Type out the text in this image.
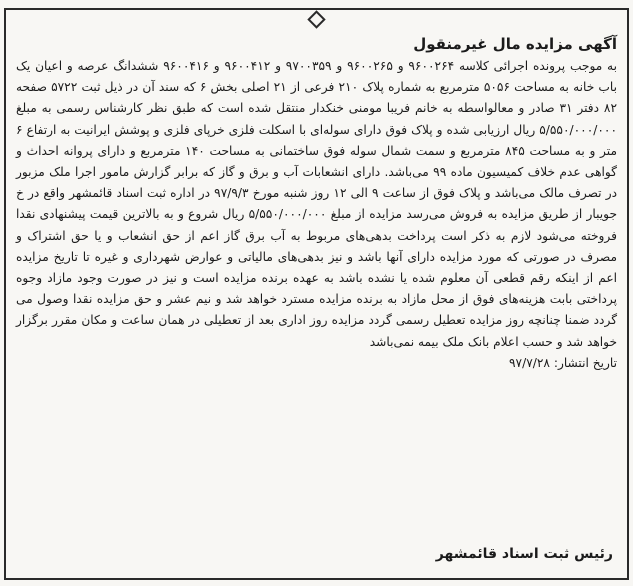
آگهی مزایده مال غیرمنقول

به موجب پرونده اجرائی کلاسه ۹۶۰۰۲۶۴ و ۹۶۰۰۲۶۵ و ۹۷۰۰۳۵۹ و ۹۶۰۰۴۱۲ و ۹۶۰۰۴۱۶ ششدانگ عرصه و اعیان یک باب خانه به مساحت ۵۰۵۶ مترمربع به شماره پلاک ۲۱۰ فرعی از ۲۱ اصلی بخش ۶ که سند آن در ذیل ثبت ۵۷۲۲ صفحه ۸۲ دفتر ۳۱ صادر و معالواسطه به خانم فریبا مومنی خنکدار منتقل شده است که طبق نظر کارشناس رسمی به مبلغ ۵/۵۵۰/۰۰۰/۰۰۰ ریال ارزیابی شده و پلاک فوق دارای سوله‌ای با اسکلت فلزی خرپای فلزی و پوشش ایرانیت به ارتفاع ۶ متر و به مساحت ۸۴۵ مترمربع و سمت شمال سوله فوق ساختمانی به مساحت ۱۴۰ مترمربع و دارای پروانه احداث و گواهی عدم خلاف کمیسیون ماده ۹۹ می‌باشد. دارای انشعابات آب و برق و گاز که برابر گزارش مامور اجرا ملک مزبور در تصرف مالک می‌باشد و پلاک فوق از ساعت ۹ الی ۱۲ روز شنبه مورخ ۹۷/۹/۳ در اداره ثبت اسناد قائمشهر واقع در خ جویبار از طریق مزایده به فروش می‌رسد مزایده از مبلغ ۵/۵۵۰/۰۰۰/۰۰۰ ریال شروع و به بالاترین قیمت پیشنهادی نقدا فروخته می‌شود لازم به ذکر است پرداخت بدهی‌های مربوط به آب برق گاز اعم از حق انشعاب و یا حق اشتراک و مصرف در صورتی که مورد مزایده دارای آنها باشد و نیز بدهی‌های مالیاتی و عوارض شهرداری و غیره تا تاریخ مزایده اعم از اینکه رقم قطعی آن معلوم شده یا نشده باشد به عهده برنده مزایده است و نیز در صورت وجود مازاد وجوه پرداختی بابت هزینه‌های فوق از محل مازاد به برنده مزایده مسترد خواهد شد و نیم عشر و حق مزایده نقدا وصول می گردد ضمنا چنانچه روز مزایده تعطیل رسمی گردد مزایده روز اداری بعد از تعطیلی در همان ساعت و مکان مقرر برگزار خواهد شد و حسب اعلام بانک ملک بیمه نمی‌باشد

تاریخ انتشار: ۹۷/۷/۲۸

رئیس ثبت اسناد قائمشهر
